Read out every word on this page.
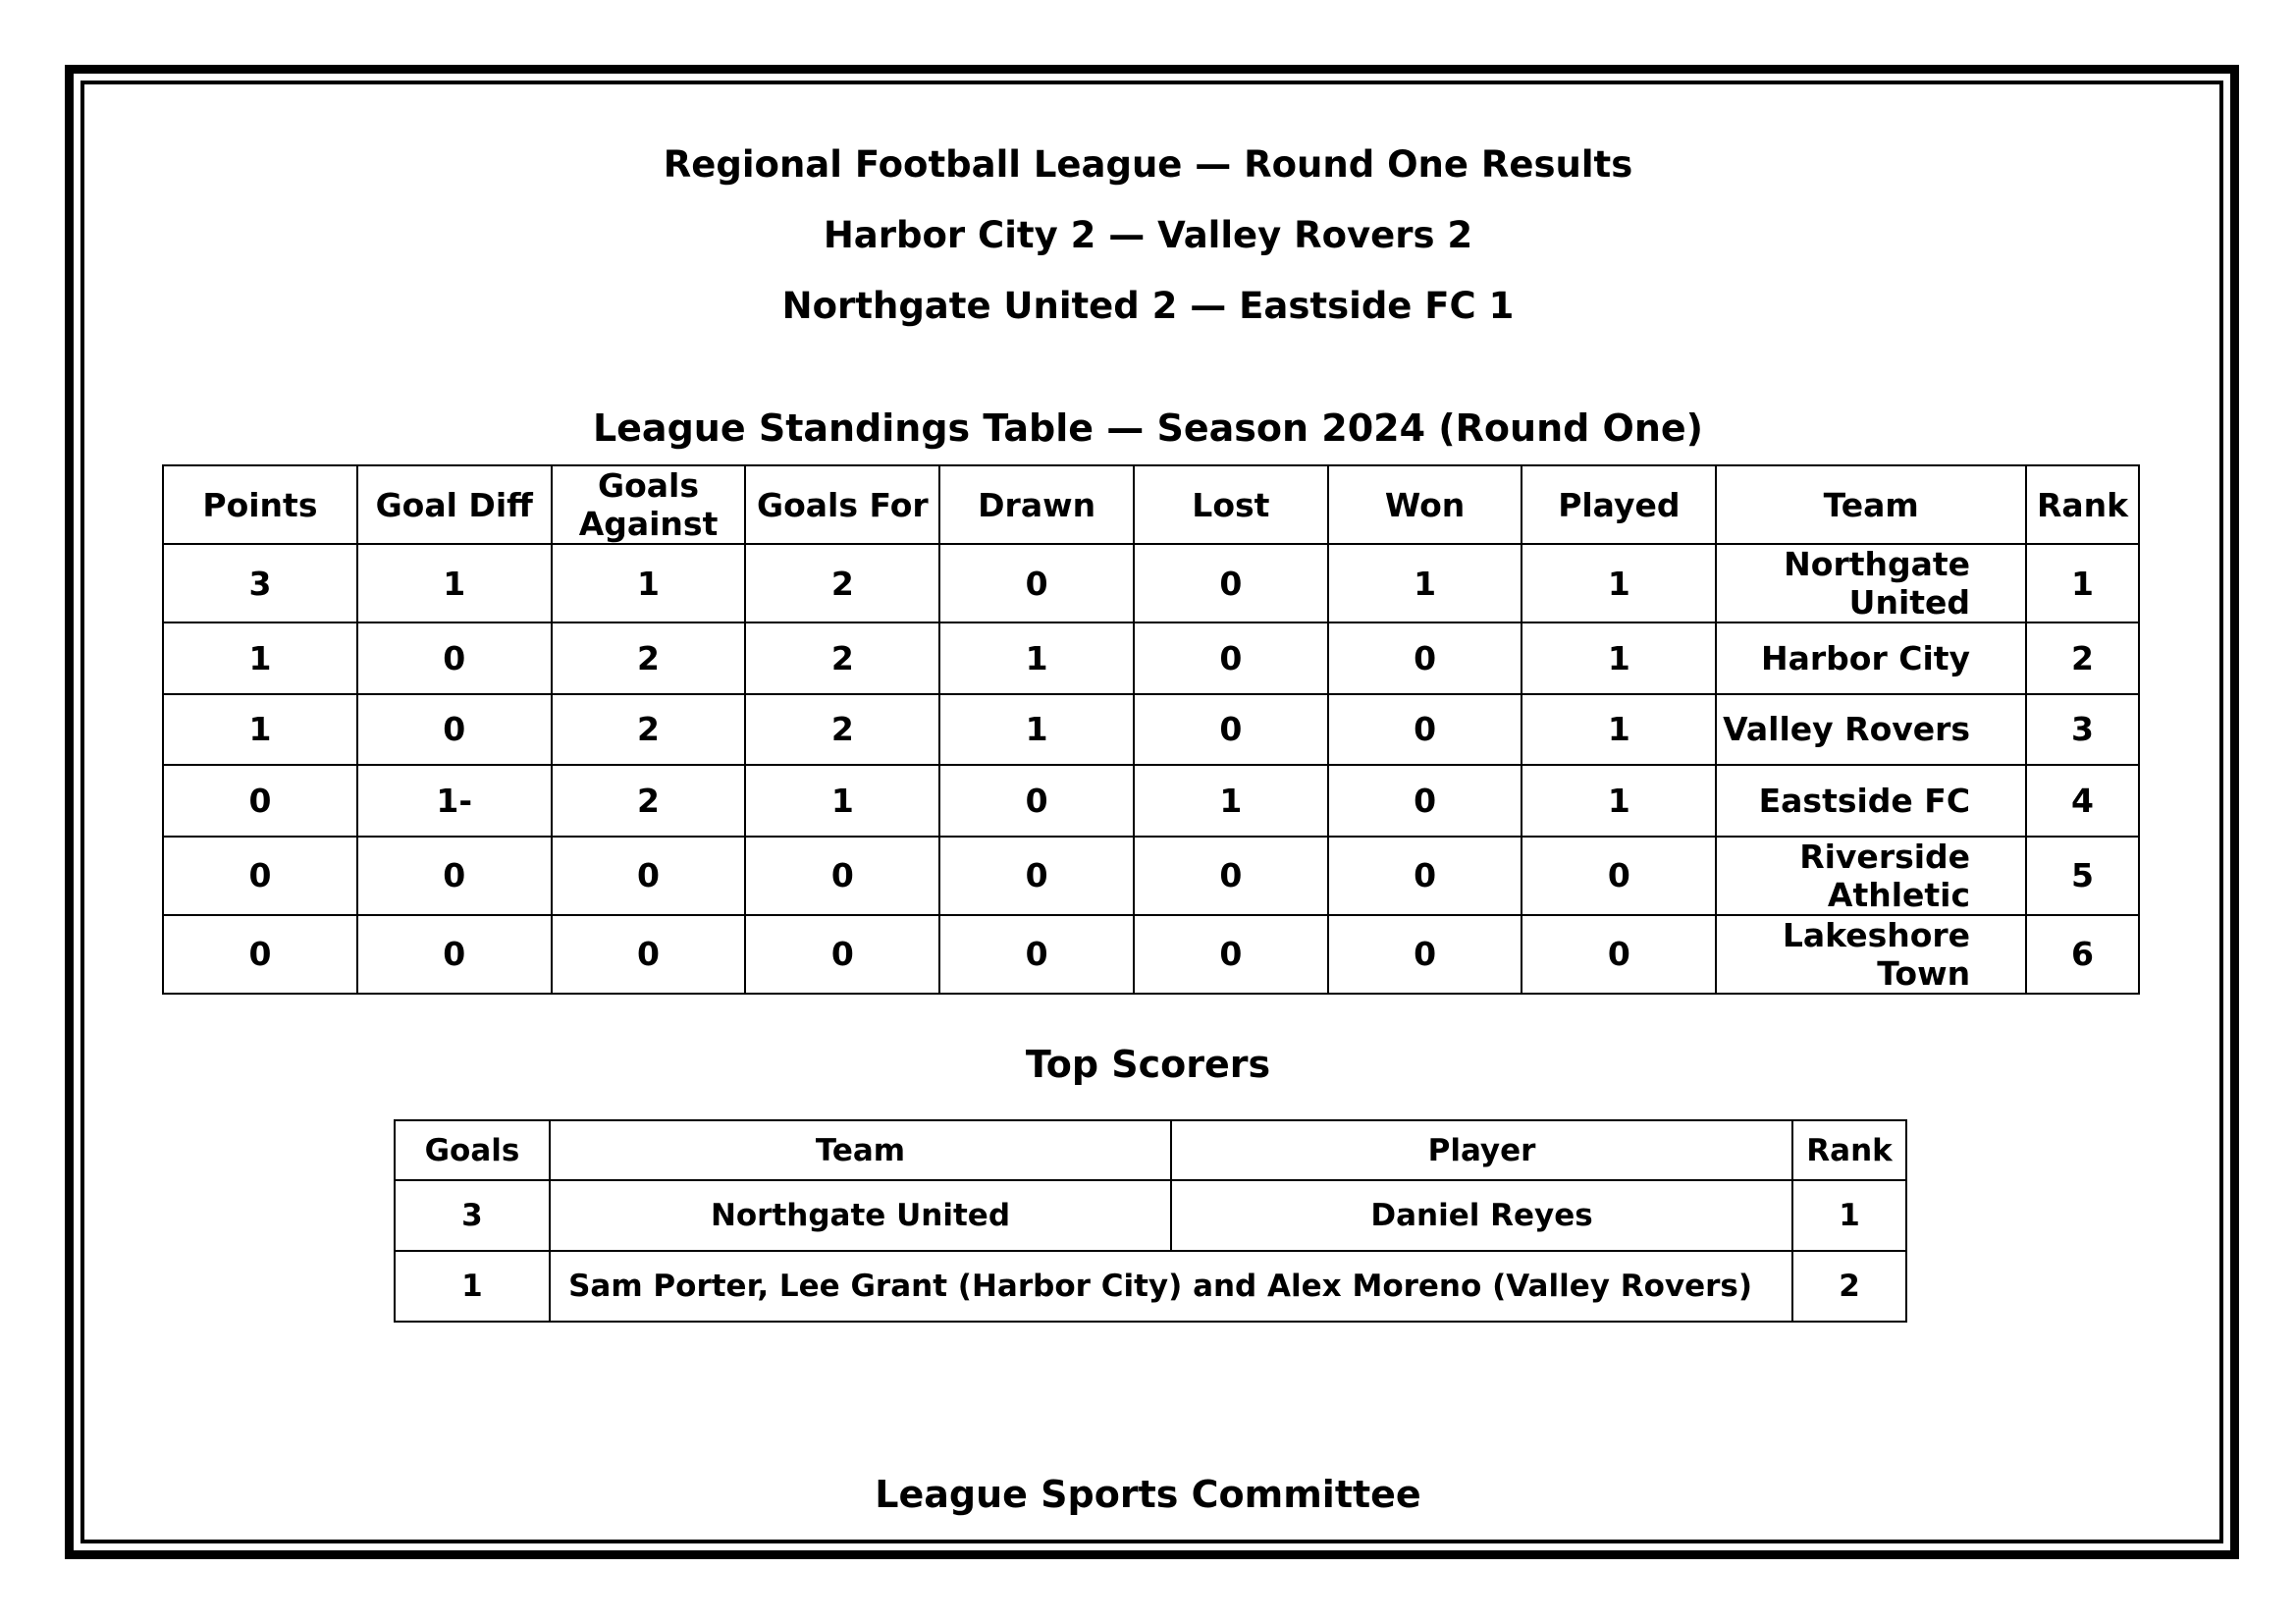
Regional Football League — Round One Results
Harbor City 2 — Valley Rovers 2
Northgate United 2 — Eastside FC 1
League Standings Table — Season 2024 (Round One)
Rank	Team	Played	Won	Lost	Drawn	Goals For	Goals Against	Goal Diff	Points
1	Northgate United	1	1	0	0	2	1	1	3
2	Harbor City	1	0	0	1	2	2	0	1
3	Valley Rovers	1	0	0	1	2	2	0	1
4	Eastside FC	1	0	1	0	1	2	-1	0
5	Riverside Athletic	0	0	0	0	0	0	0	0
6	Lakeshore Town	0	0	0	0	0	0	0	0
Top Scorers
Rank	Player	Team	Goals
1	Daniel Reyes	Northgate United	3
2	Sam Porter, Lee Grant (Harbor City) and Alex Moreno (Valley Rovers)		1
League Sports Committee
